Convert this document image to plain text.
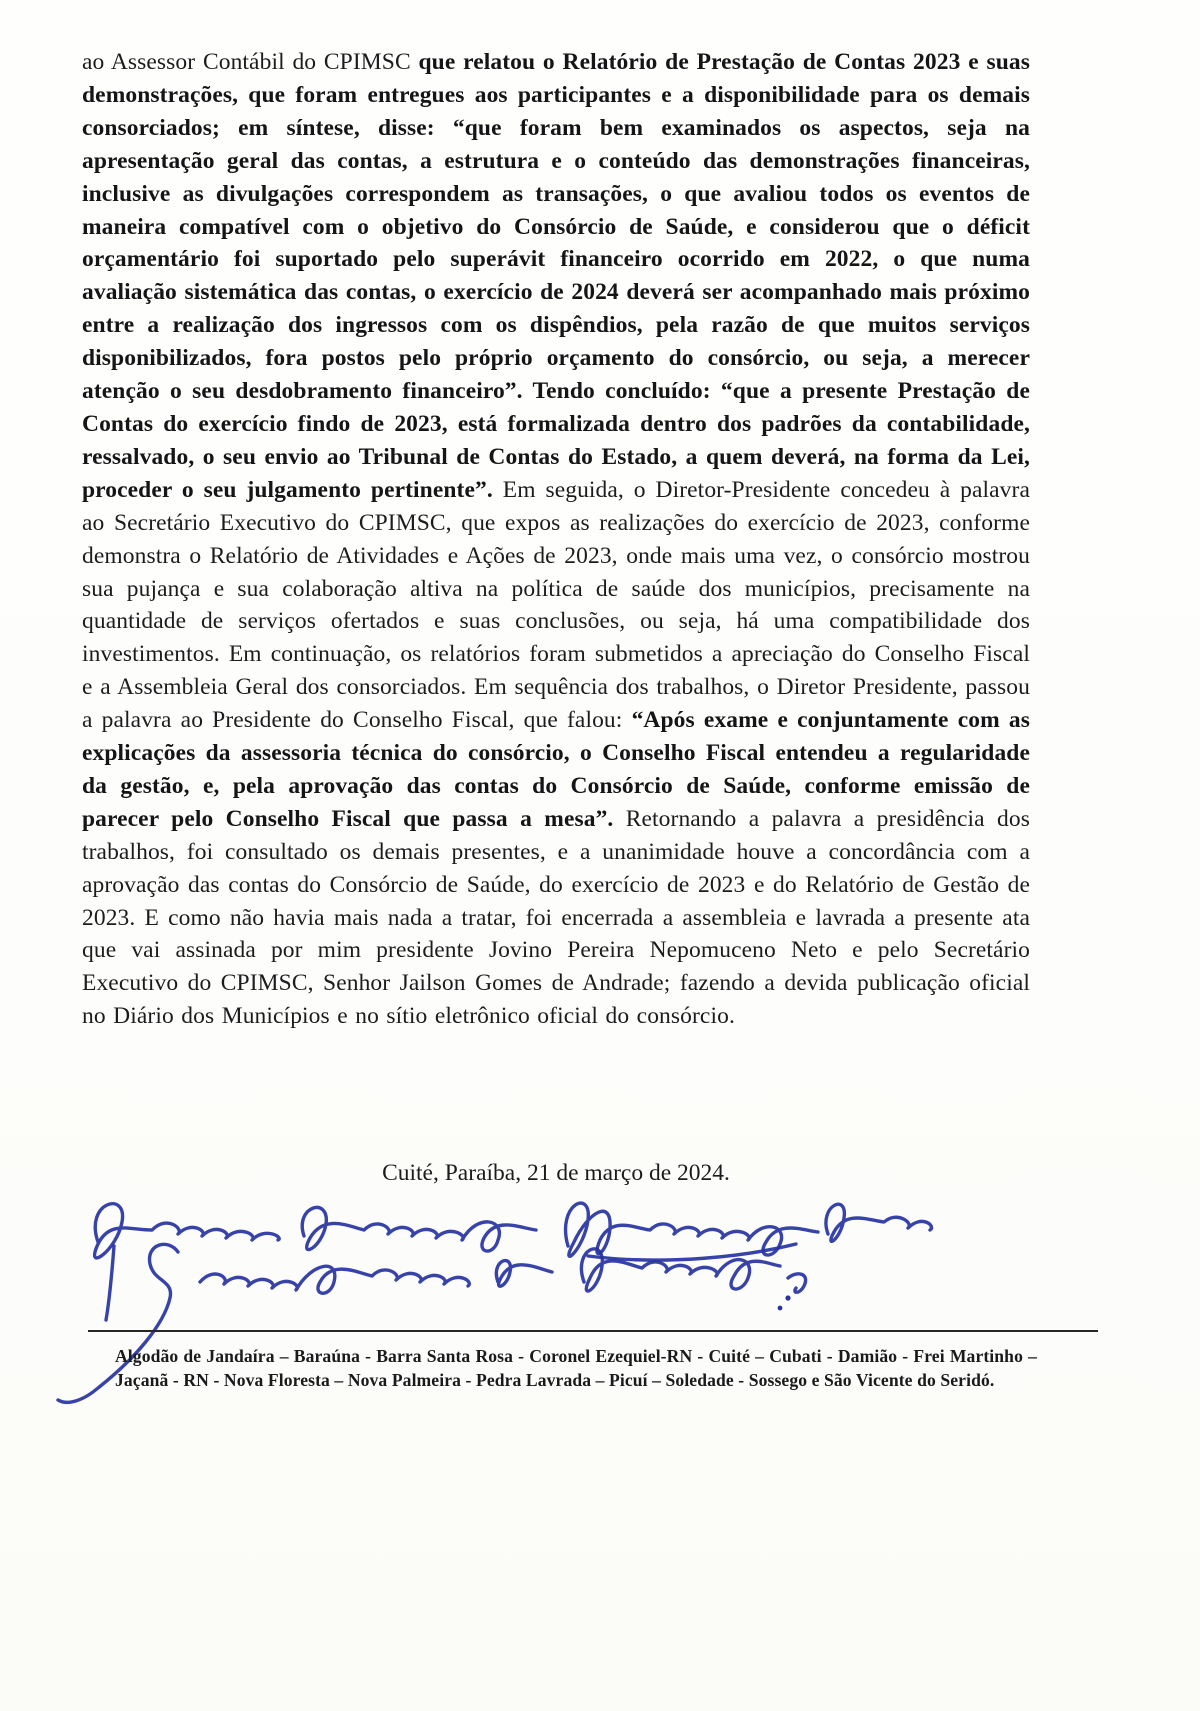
ao Assessor Contábil do CPIMSC que relatou o Relatório de Prestação de Contas 2023 e suas demonstrações, que foram entregues aos participantes e a disponibilidade para os demais consorciados; em síntese, disse: “que foram bem examinados os aspectos, seja na apresentação geral das contas, a estrutura e o conteúdo das demonstrações financeiras, inclusive as divulgações correspondem as transações, o que avaliou todos os eventos de maneira compatível com o objetivo do Consórcio de Saúde, e considerou que o déficit orçamentário foi suportado pelo superávit financeiro ocorrido em 2022, o que numa avaliação sistemática das contas, o exercício de 2024 deverá ser acompanhado mais próximo entre a realização dos ingressos com os dispêndios, pela razão de que muitos serviços disponibilizados, fora postos pelo próprio orçamento do consórcio, ou seja, a merecer atenção o seu desdobramento financeiro”. Tendo concluído: “que a presente Prestação de Contas do exercício findo de 2023, está formalizada dentro dos padrões da contabilidade, ressalvado, o seu envio ao Tribunal de Contas do Estado, a quem deverá, na forma da Lei, proceder o seu julgamento pertinente”. Em seguida, o Diretor-Presidente concedeu à palavra ao Secretário Executivo do CPIMSC, que expos as realizações do exercício de 2023, conforme demonstra o Relatório de Atividades e Ações de 2023, onde mais uma vez, o consórcio mostrou sua pujança e sua colaboração altiva na política de saúde dos municípios, precisamente na quantidade de serviços ofertados e suas conclusões, ou seja, há uma compatibilidade dos investimentos. Em continuação, os relatórios foram submetidos a apreciação do Conselho Fiscal e a Assembleia Geral dos consorciados. Em sequência dos trabalhos, o Diretor Presidente, passou a palavra ao Presidente do Conselho Fiscal, que falou: “Após exame e conjuntamente com as explicações da assessoria técnica do consórcio, o Conselho Fiscal entendeu a regularidade da gestão, e, pela aprovação das contas do Consórcio de Saúde, conforme emissão de parecer pelo Conselho Fiscal que passa a mesa”. Retornando a palavra a presidência dos trabalhos, foi consultado os demais presentes, e a unanimidade houve a concordância com a aprovação das contas do Consórcio de Saúde, do exercício de 2023 e do Relatório de Gestão de 2023. E como não havia mais nada a tratar, foi encerrada a assembleia e lavrada a presente ata que vai assinada por mim presidente Jovino Pereira Nepomuceno Neto e pelo Secretário Executivo do CPIMSC, Senhor Jailson Gomes de Andrade; fazendo a devida publicação oficial no Diário dos Municípios e no sítio eletrônico oficial do consórcio.
Cuité, Paraíba, 21 de março de 2024.
Algodão de Jandaíra – Baraúna - Barra Santa Rosa - Coronel Ezequiel-RN - Cuité – Cubati - Damião - Frei Martinho – Jaçanã - RN - Nova Floresta – Nova Palmeira - Pedra Lavrada – Picuí – Soledade - Sossego e São Vicente do Seridó.
